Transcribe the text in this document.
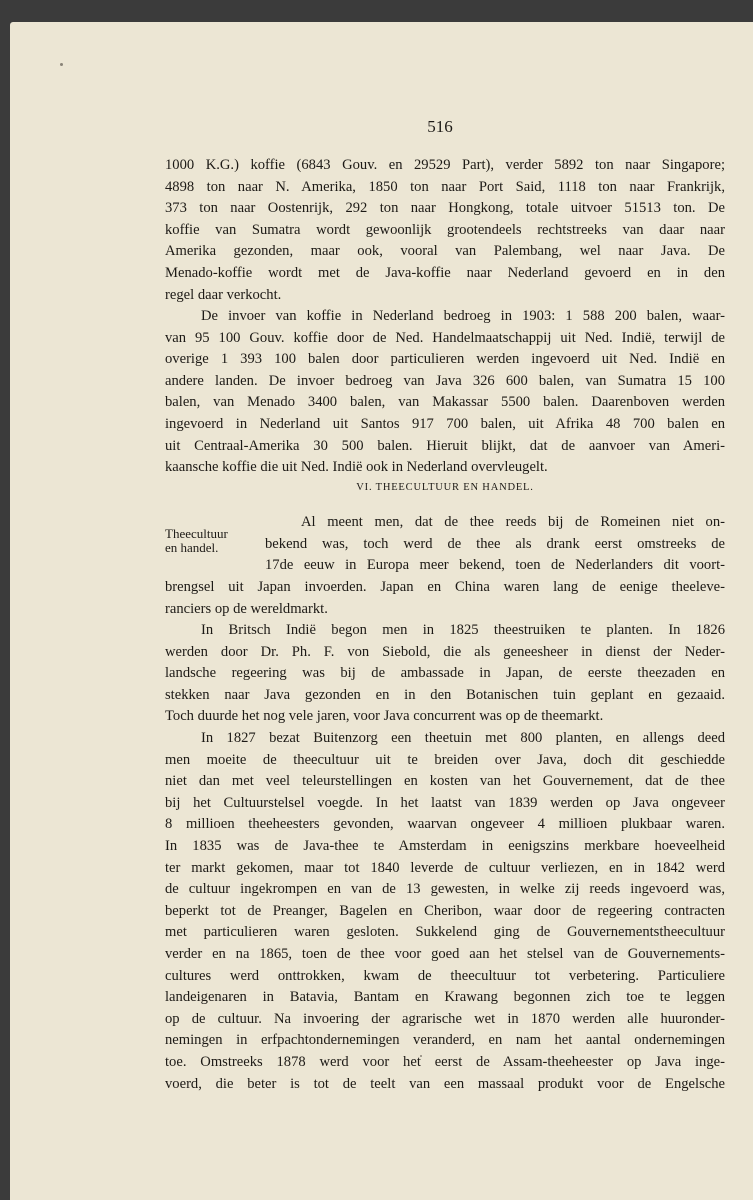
516
1000 K.G.) koffie (6843 Gouv. en 29529 Part), verder 5892 ton naar Singapore;
4898 ton naar N. Amerika, 1850 ton naar Port Said, 1118 ton naar Frankrijk,
373 ton naar Oostenrijk, 292 ton naar Hongkong, totale uitvoer 51513 ton. De
koffie van Sumatra wordt gewoonlijk grootendeels rechtstreeks van daar naar
Amerika gezonden, maar ook, vooral van Palembang, wel naar Java. De
Menado-koffie wordt met de Java-koffie naar Nederland gevoerd en in den
regel daar verkocht.
De invoer van koffie in Nederland bedroeg in 1903: 1 588 200 balen, waar-
van 95 100 Gouv. koffie door de Ned. Handelmaatschappij uit Ned. Indië, terwijl de
overige 1 393 100 balen door particulieren werden ingevoerd uit Ned. Indië en
andere landen. De invoer bedroeg van Java 326 600 balen, van Sumatra 15 100
balen, van Menado 3400 balen, van Makassar 5500 balen. Daarenboven werden
ingevoerd in Nederland uit Santos 917 700 balen, uit Afrika 48 700 balen en
uit Centraal-Amerika 30 500 balen. Hieruit blijkt, dat de aanvoer van Ameri-
kaansche koffie die uit Ned. Indië ook in Nederland overvleugelt.
VI. THEECULTUUR EN HANDEL.
Theecultuur
en handel.
Al meent men, dat de thee reeds bij de Romeinen niet on-
bekend was, toch werd de thee als drank eerst omstreeks de
17de eeuw in Europa meer bekend, toen de Nederlanders dit voort-
brengsel uit Japan invoerden. Japan en China waren lang de eenige theeleve-
ranciers op de wereldmarkt.
In Britsch Indië begon men in 1825 theestruiken te planten. In 1826
werden door Dr. Ph. F. von Siebold, die als geneesheer in dienst der Neder-
landsche regeering was bij de ambassade in Japan, de eerste theezaden en
stekken naar Java gezonden en in den Botanischen tuin geplant en gezaaid.
Toch duurde het nog vele jaren, voor Java concurrent was op de theemarkt.
In 1827 bezat Buitenzorg een theetuin met 800 planten, en allengs deed
men moeite de theecultuur uit te breiden over Java, doch dit geschiedde
niet dan met veel teleurstellingen en kosten van het Gouvernement, dat de thee
bij het Cultuurstelsel voegde. In het laatst van 1839 werden op Java ongeveer
8 millioen theeheesters gevonden, waarvan ongeveer 4 millioen plukbaar waren.
In 1835 was de Java-thee te Amsterdam in eenigszins merkbare hoeveelheid
ter markt gekomen, maar tot 1840 leverde de cultuur verliezen, en in 1842 werd
de cultuur ingekrompen en van de 13 gewesten, in welke zij reeds ingevoerd was,
beperkt tot de Preanger, Bagelen en Cheribon, waar door de regeering contracten
met particulieren waren gesloten. Sukkelend ging de Gouvernementstheecultuur
verder en na 1865, toen de thee voor goed aan het stelsel van de Gouvernements-
cultures werd onttrokken, kwam de theecultuur tot verbetering. Particuliere
landeigenaren in Batavia, Bantam en Krawang begonnen zich toe te leggen
op de cultuur. Na invoering der agrarische wet in 1870 werden alle huuronder-
nemingen in erfpachtondernemingen veranderd, en nam het aantal ondernemingen
toe. Omstreeks 1878 werd voor het eerst de Assam-theeheester op Java inge-
voerd, die beter is tot de teelt van een massaal produkt voor de Engelsche
